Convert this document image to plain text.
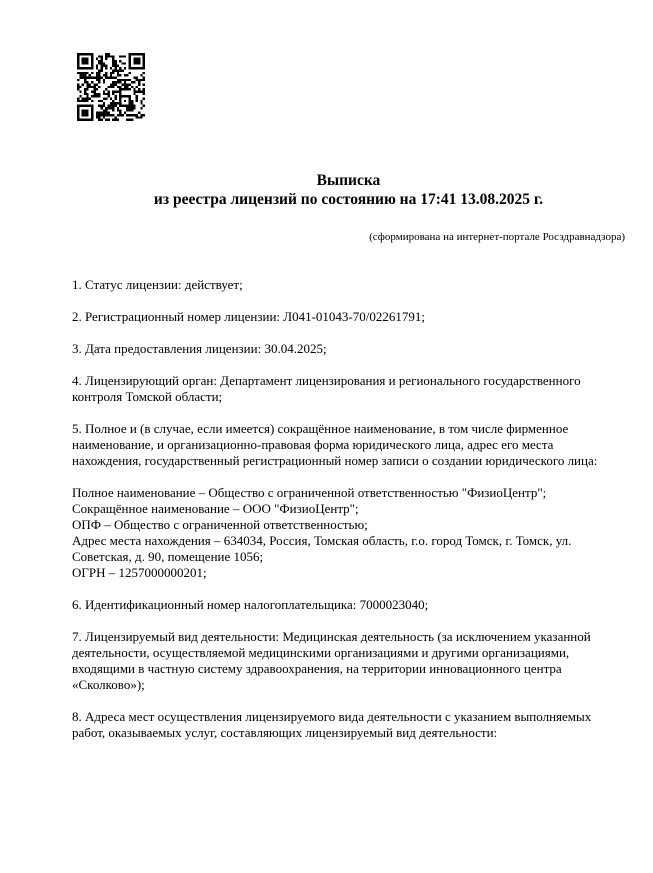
Выписка
из реестра лицензий по состоянию на 17:41 13.08.2025 г.
(сформирована на интернет-портале Росздравнадзора)

1. Статус лицензии: действует;

2. Регистрационный номер лицензии: Л041-01043-70/02261791;

3. Дата предоставления лицензии: 30.04.2025;

4. Лицензирующий орган: Департамент лицензирования и регионального государственного контроля Томской области;

5. Полное и (в случае, если имеется) сокращённое наименование, в том числе фирменное наименование, и организационно-правовая форма юридического лица, адрес его места нахождения, государственный регистрационный номер записи о создании юридического лица:

Полное наименование – Общество с ограниченной ответственностью "ФизиоЦентр";
Сокращённое наименование – ООО "ФизиоЦентр";
ОПФ – Общество с ограниченной ответственностью;
Адрес места нахождения – 634034, Россия, Томская область, г.о. город Томск, г. Томск, ул. Советская, д. 90, помещение 1056;
ОГРН – 1257000000201;

6. Идентификационный номер налогоплательщика: 7000023040;

7. Лицензируемый вид деятельности: Медицинская деятельность (за исключением указанной деятельности, осуществляемой медицинскими организациями и другими организациями, входящими в частную систему здравоохранения, на территории инновационного центра «Сколково»);

8. Адреса мест осуществления лицензируемого вида деятельности с указанием выполняемых работ, оказываемых услуг, составляющих лицензируемый вид деятельности:
